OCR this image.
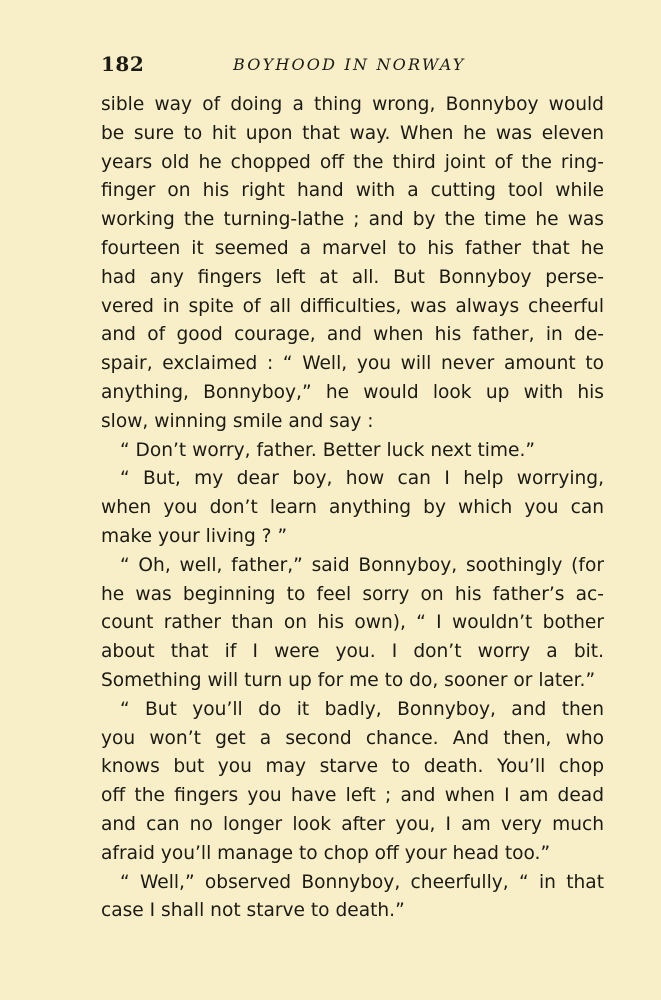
182	BOYHOOD IN NORWAY
sible way of doing a thing wrong, Bonnyboy would
be sure to hit upon that way. When he was eleven
years old he chopped off the third joint of the ring-
finger on his right hand with a cutting tool while
working the turning-lathe ; and by the time he was
fourteen it seemed a marvel to his father that he
had any fingers left at all. But Bonnyboy perse-
vered in spite of all difficulties, was always cheerful
and of good courage, and when his father, in de-
spair, exclaimed : “ Well, you will never amount to
anything, Bonnyboy,” he would look up with his
slow, winning smile and say :
“ Don’t worry, father. Better luck next time.”
“ But, my dear boy, how can I help worrying,
when you don’t learn anything by which you can
make your living ? ”
“ Oh, well, father,” said Bonnyboy, soothingly (for
he was beginning to feel sorry on his father’s ac-
count rather than on his own), “ I wouldn’t bother
about that if I were you. I don’t worry a bit.
Something will turn up for me to do, sooner or later.”
“ But you’ll do it badly, Bonnyboy, and then
you won’t get a second chance. And then, who
knows but you may starve to death. You’ll chop
off the fingers you have left ; and when I am dead
and can no longer look after you, I am very much
afraid you’ll manage to chop off your head too.”
“ Well,” observed Bonnyboy, cheerfully, “ in that
case I shall not starve to death.”
